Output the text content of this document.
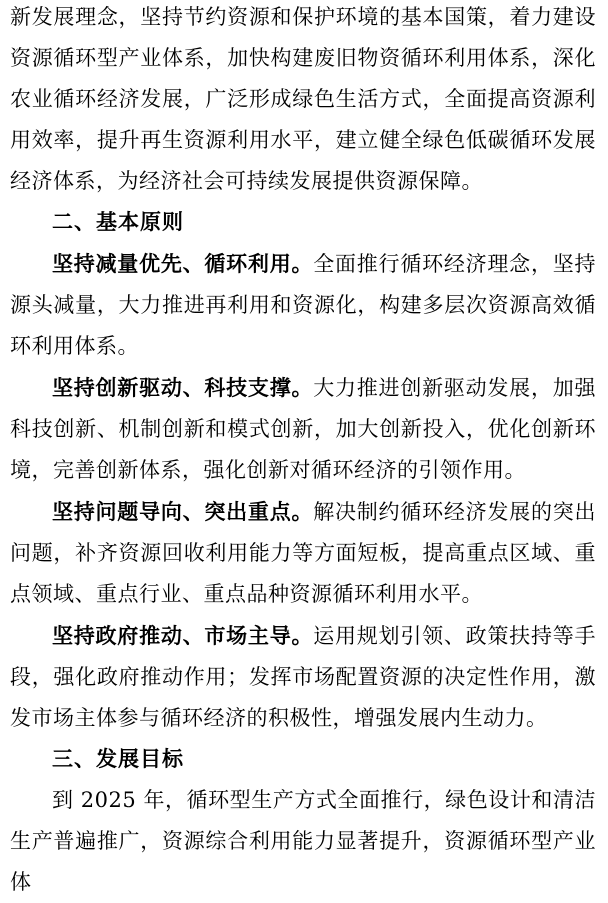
新发展理念，坚持节约资源和保护环境的基本国策，着力建设资源循环型产业体系，加快构建废旧物资循环利用体系，深化农业循环经济发展，广泛形成绿色生活方式，全面提高资源利用效率，提升再生资源利用水平，建立健全绿色低碳循环发展经济体系，为经济社会可持续发展提供资源保障。

二、基本原则

坚持减量优先、循环利用。全面推行循环经济理念，坚持源头减量，大力推进再利用和资源化，构建多层次资源高效循环利用体系。

坚持创新驱动、科技支撑。大力推进创新驱动发展，加强科技创新、机制创新和模式创新，加大创新投入，优化创新环境，完善创新体系，强化创新对循环经济的引领作用。

坚持问题导向、突出重点。解决制约循环经济发展的突出问题，补齐资源回收利用能力等方面短板，提高重点区域、重点领域、重点行业、重点品种资源循环利用水平。

坚持政府推动、市场主导。运用规划引领、政策扶持等手段，强化政府推动作用；发挥市场配置资源的决定性作用，激发市场主体参与循环经济的积极性，增强发展内生动力。

三、发展目标

到 2025 年，循环型生产方式全面推行，绿色设计和清洁生产普遍推广，资源综合利用能力显著提升，资源循环型产业体
